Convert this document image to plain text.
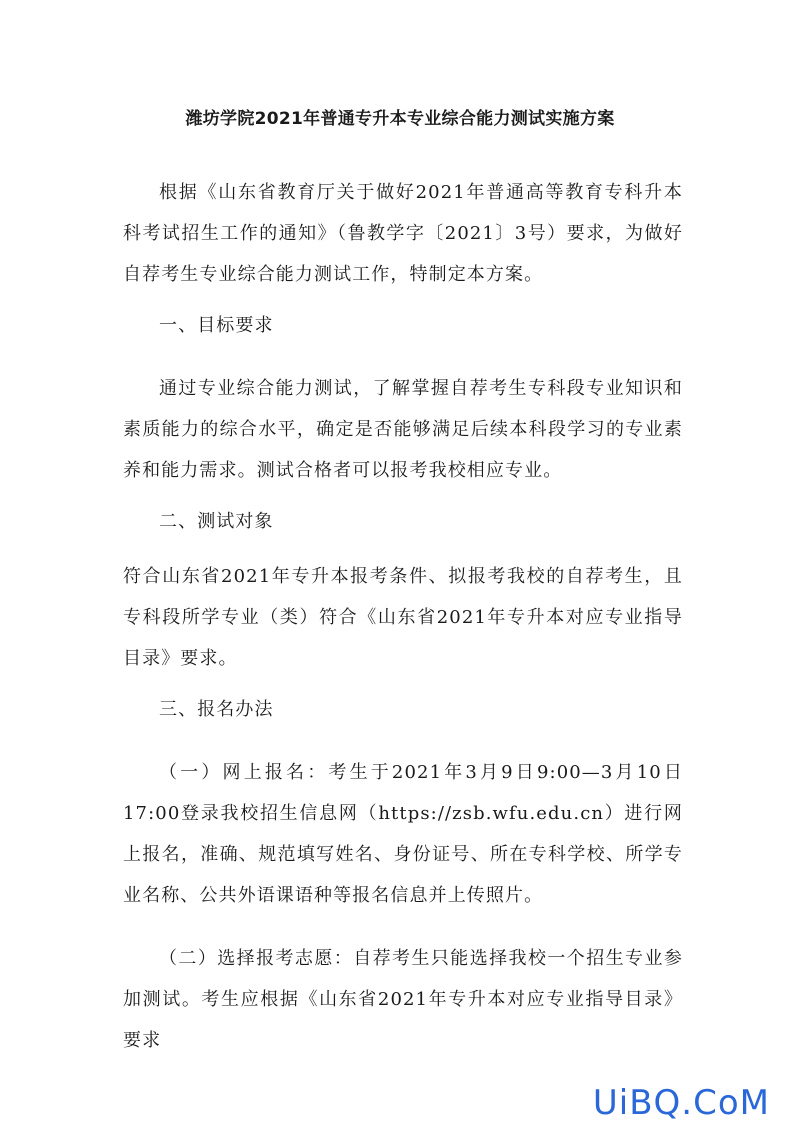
潍坊学院2021年普通专升本专业综合能力测试实施方案

根据《山东省教育厅关于做好2021年普通高等教育专科升本科考试招生工作的通知》（鲁教学字〔2021〕3号）要求，为做好自荐考生专业综合能力测试工作，特制定本方案。

一、目标要求

通过专业综合能力测试，了解掌握自荐考生专科段专业知识和素质能力的综合水平，确定是否能够满足后续本科段学习的专业素养和能力需求。测试合格者可以报考我校相应专业。

二、测试对象

符合山东省2021年专升本报考条件、拟报考我校的自荐考生，且专科段所学专业（类）符合《山东省2021年专升本对应专业指导目录》要求。

三、报名办法

（一）网上报名：考生于2021年3月9日9:00—3月10日17:00登录我校招生信息网（https://zsb.wfu.edu.cn）进行网上报名，准确、规范填写姓名、身份证号、所在专科学校、所学专业名称、公共外语课语种等报名信息并上传照片。

（二）选择报考志愿：自荐考生只能选择我校一个招生专业参加测试。考生应根据《山东省2021年专升本对应专业指导目录》要求

UiBQ.CoM
